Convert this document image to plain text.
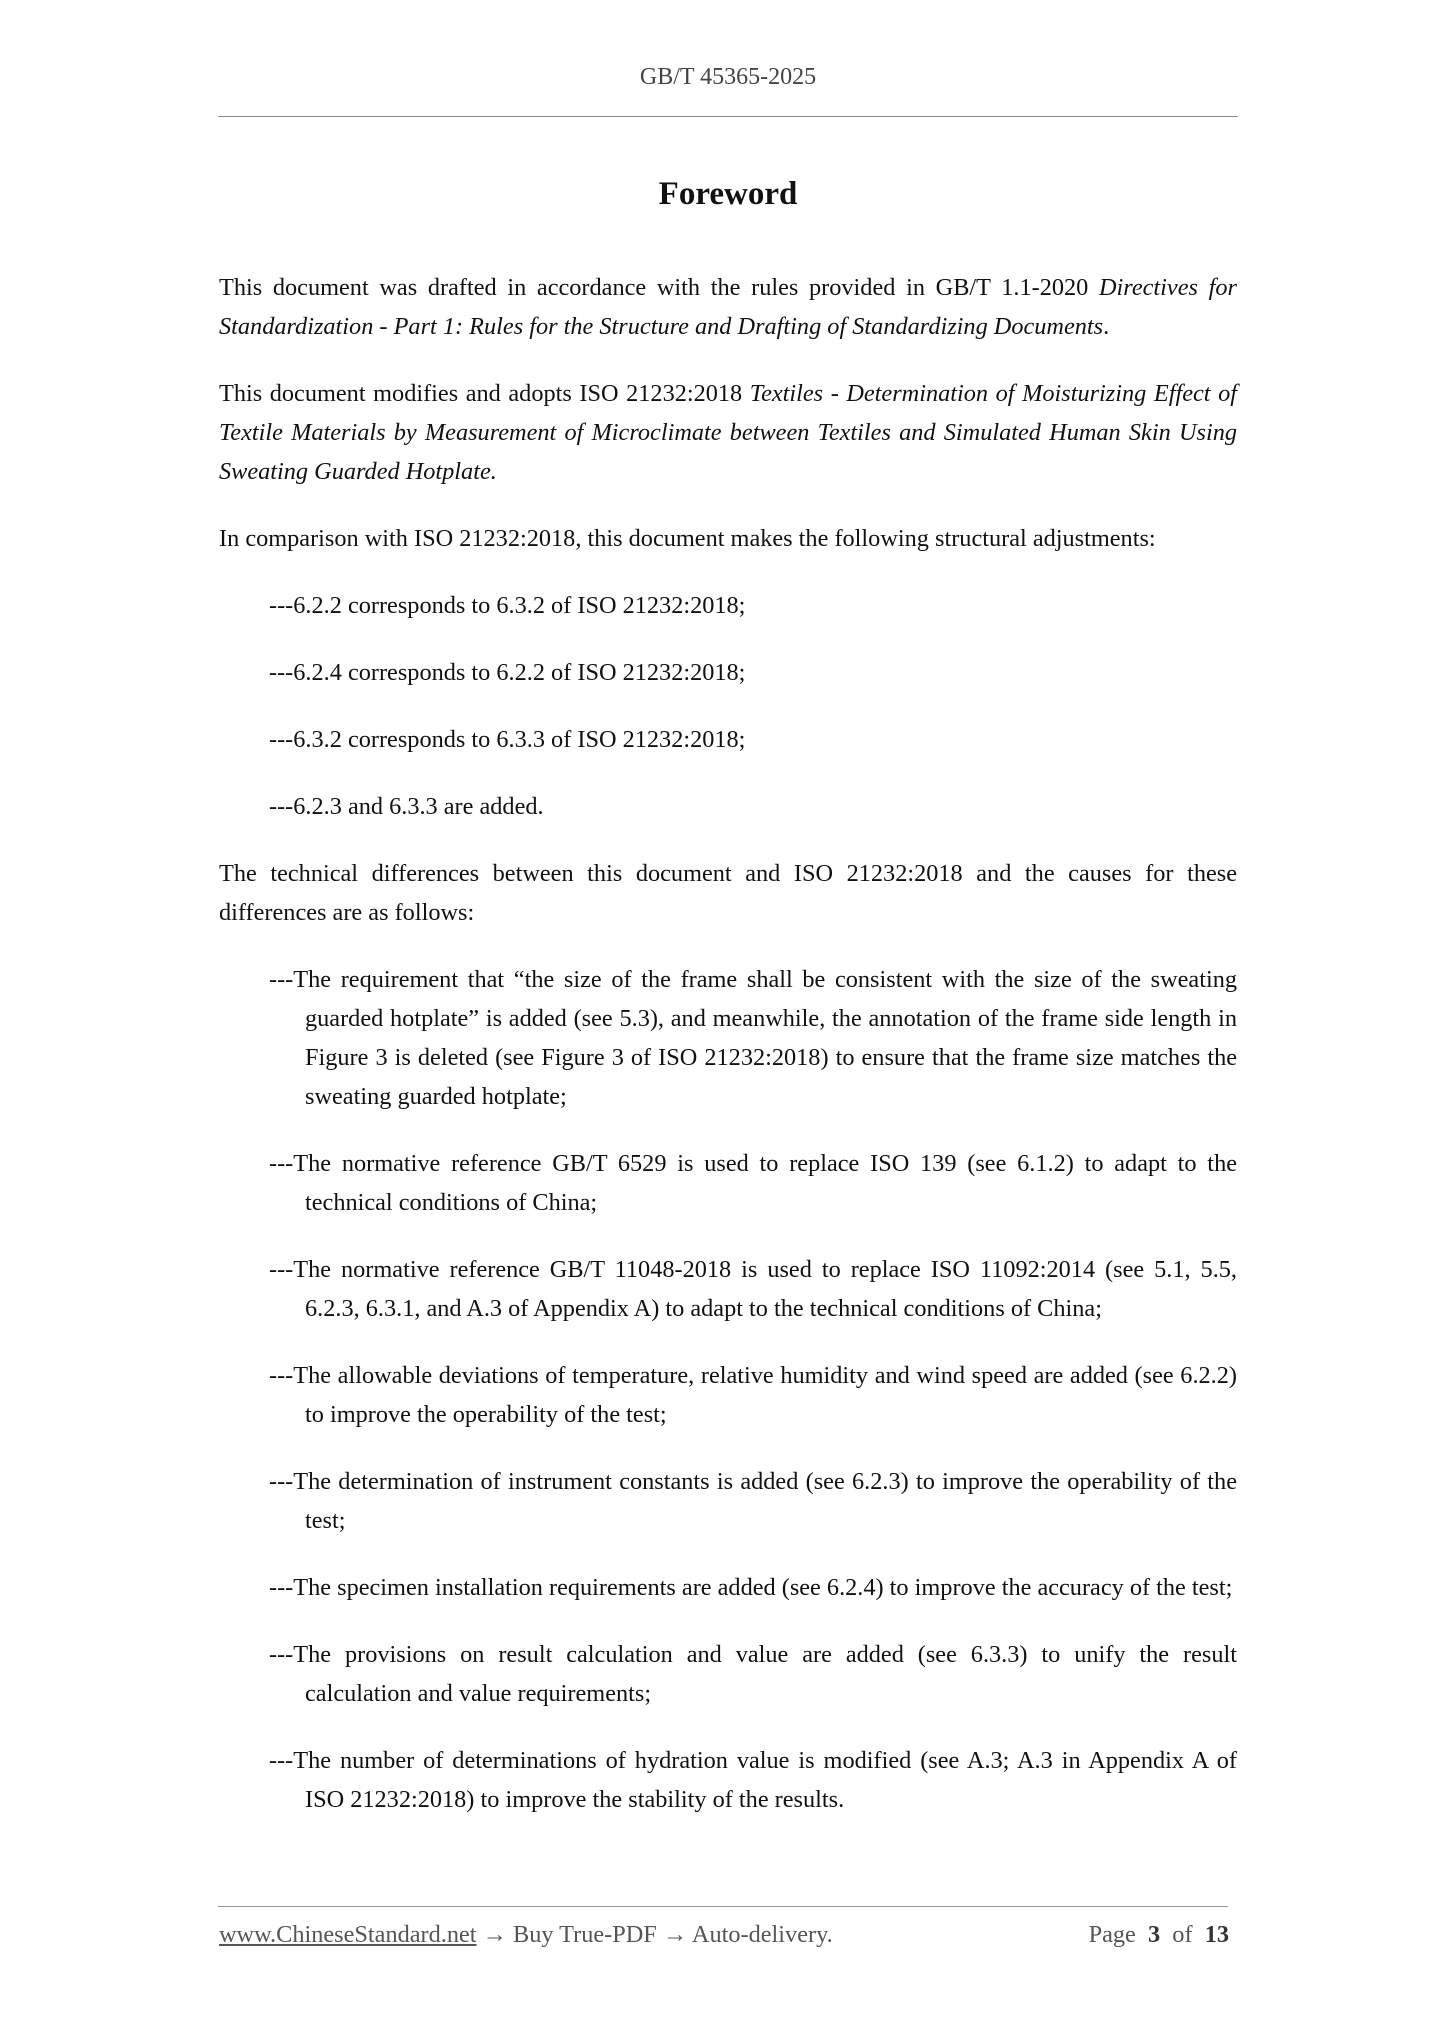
GB/T 45365-2025
Foreword

This document was drafted in accordance with the rules provided in GB/T 1.1-2020 Directives for Standardization - Part 1: Rules for the Structure and Drafting of Standardizing Documents.

This document modifies and adopts ISO 21232:2018 Textiles - Determination of Moisturizing Effect of Textile Materials by Measurement of Microclimate between Textiles and Simulated Human Skin Using Sweating Guarded Hotplate.

In comparison with ISO 21232:2018, this document makes the following structural adjustments:

---6.2.2 corresponds to 6.3.2 of ISO 21232:2018;

---6.2.4 corresponds to 6.2.2 of ISO 21232:2018;

---6.3.2 corresponds to 6.3.3 of ISO 21232:2018;

---6.2.3 and 6.3.3 are added.

The technical differences between this document and ISO 21232:2018 and the causes for these differences are as follows:

---The requirement that “the size of the frame shall be consistent with the size of the sweating guarded hotplate” is added (see 5.3), and meanwhile, the annotation of the frame side length in Figure 3 is deleted (see Figure 3 of ISO 21232:2018) to ensure that the frame size matches the sweating guarded hotplate;

---The normative reference GB/T 6529 is used to replace ISO 139 (see 6.1.2) to adapt to the technical conditions of China;

---The normative reference GB/T 11048-2018 is used to replace ISO 11092:2014 (see 5.1, 5.5, 6.2.3, 6.3.1, and A.3 of Appendix A) to adapt to the technical conditions of China;

---The allowable deviations of temperature, relative humidity and wind speed are added (see 6.2.2) to improve the operability of the test;

---The determination of instrument constants is added (see 6.2.3) to improve the operability of the test;

---The specimen installation requirements are added (see 6.2.4) to improve the accuracy of the test;

---The provisions on result calculation and value are added (see 6.3.3) to unify the result calculation and value requirements;

---The number of determinations of hydration value is modified (see A.3; A.3 in Appendix A of ISO 21232:2018) to improve the stability of the results.

www.ChineseStandard.net → Buy True-PDF → Auto-delivery.	Page 3 of 13
